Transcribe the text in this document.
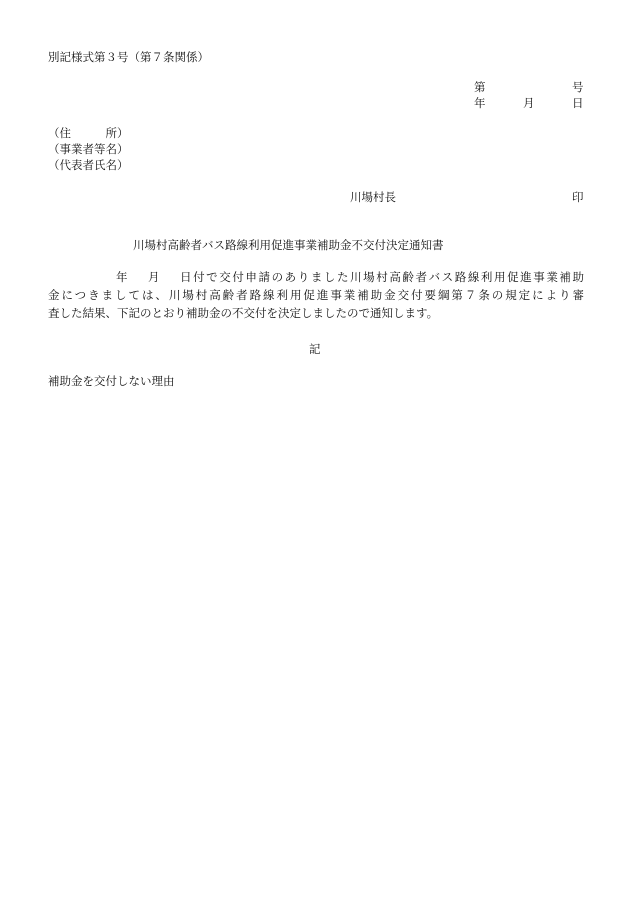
別記様式第３号（第７条関係）
第	号
年	月	日
（住　　　所）
（事業者等名）
（代表者氏名）
川場村長	印
川場村高齢者バス路線利用促進事業補助金不交付決定通知書
年 月 日付で交付申請のありました川場村高齢者バス路線利用促進事業補助
金につきましては、川場村高齢者路線利用促進事業補助金交付要綱第７条の規定により審
査した結果、下記のとおり補助金の不交付を決定しましたので通知します。
記
補助金を交付しない理由
